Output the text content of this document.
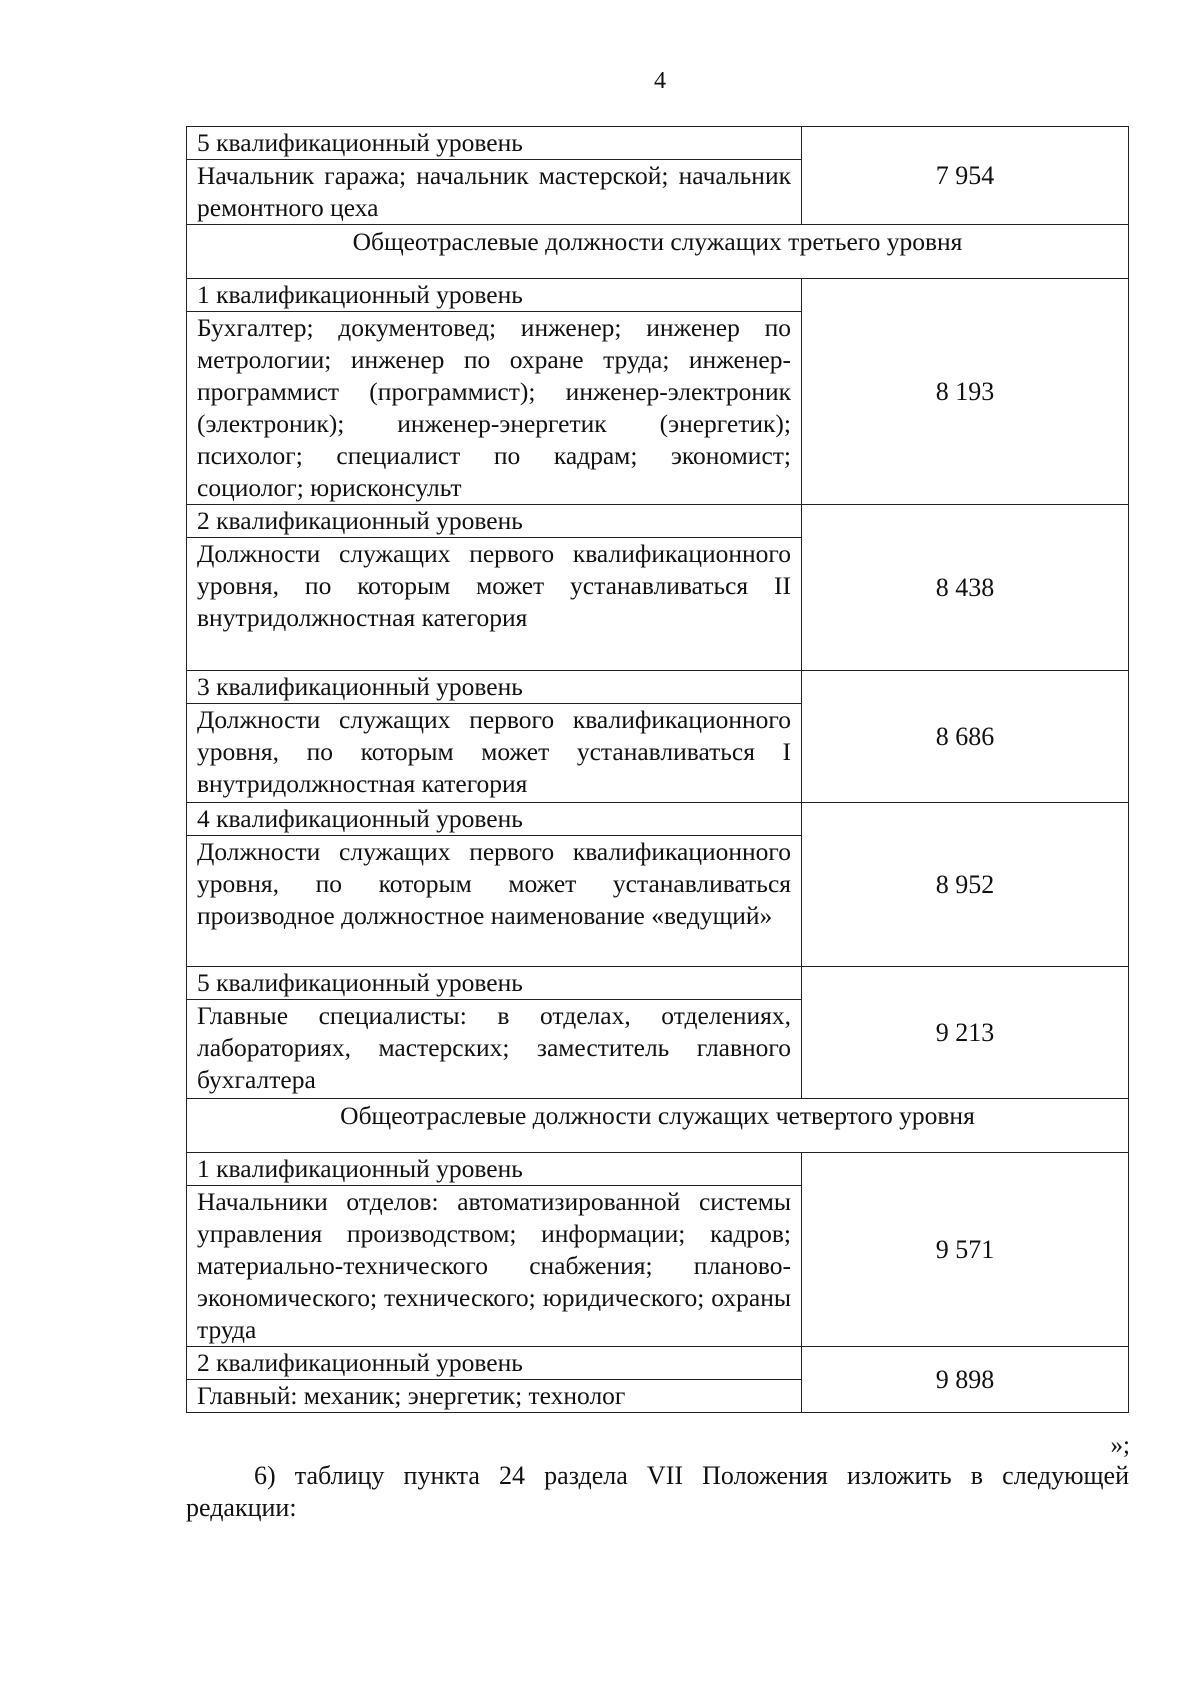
4
5 квалификационный уровень
Начальник гаража; начальник мастерской; начальник ремонтного цеха
7 954
Общеотраслевые должности служащих третьего уровня
1 квалификационный уровень
Бухгалтер; документовед; инженер; инженер по метрологии; инженер по охране труда; инженер-программист (программист); инженер-электроник (электроник); инженер-энергетик (энергетик); психолог; специалист по кадрам; экономист; социолог; юрисконсульт
8 193
2 квалификационный уровень
Должности служащих первого квалификационного уровня, по которым может устанавливаться II внутридолжностная категория
8 438
3 квалификационный уровень
Должности служащих первого квалификационного уровня, по которым может устанавливаться I внутридолжностная категория
8 686
4 квалификационный уровень
Должности служащих первого квалификационного уровня, по которым может устанавливаться производное должностное наименование «ведущий»
8 952
5 квалификационный уровень
Главные специалисты: в отделах, отделениях, лабораториях, мастерских; заместитель главного бухгалтера
9 213
Общеотраслевые должности служащих четвертого уровня
1 квалификационный уровень
Начальники отделов: автоматизированной системы управления производством; информации; кадров; материально-технического снабжения; планово-экономического; технического; юридического; охраны труда
9 571
2 квалификационный уровень
Главный: механик; энергетик; технолог
9 898
»;
6) таблицу пункта 24 раздела VII Положения изложить в следующей редакции:
